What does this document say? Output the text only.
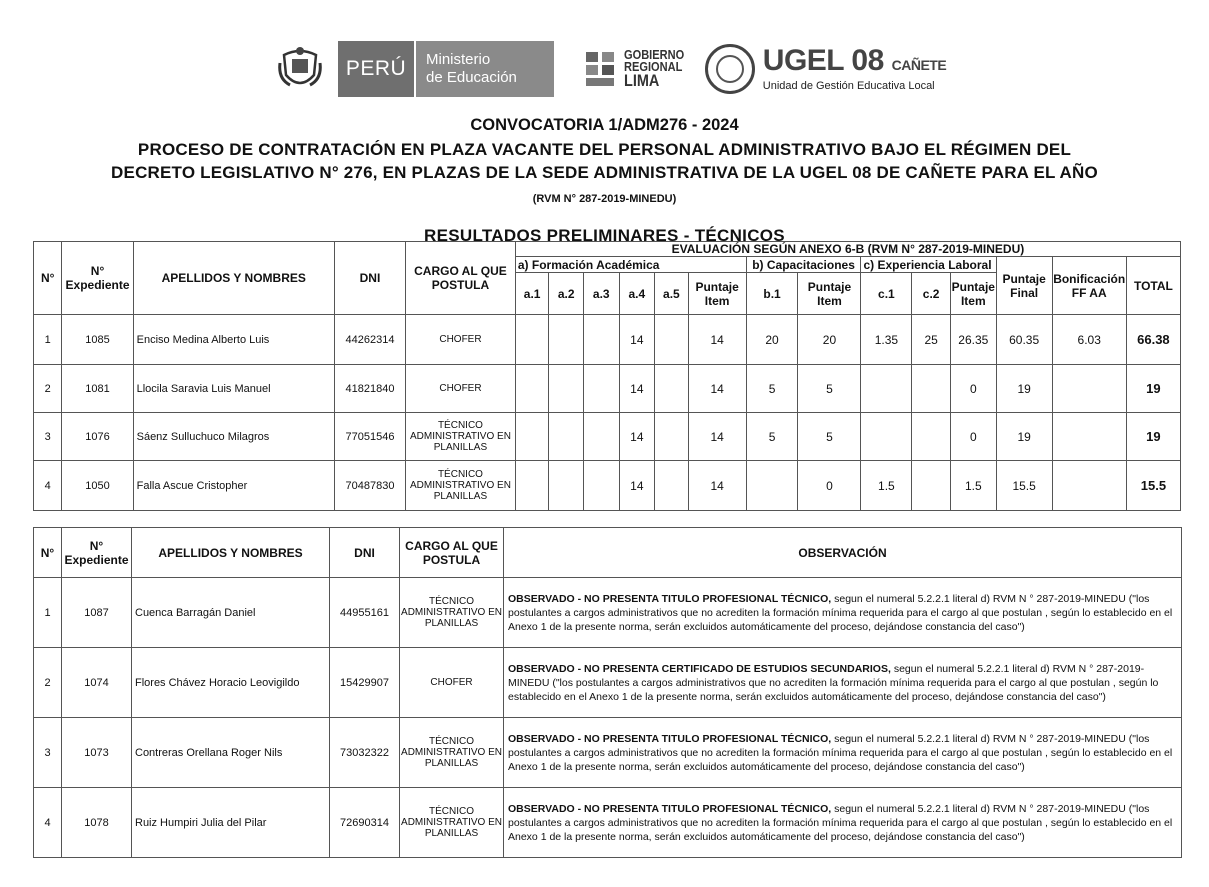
PERÚ	Ministerio
de Educación
GOBIERNO
REGIONAL
LIMA
UGEL 08 CAÑETE
Unidad de Gestión Educativa Local
CONVOCATORIA 1/ADM276 - 2024
PROCESO DE CONTRATACIÓN EN PLAZA VACANTE DEL PERSONAL ADMINISTRATIVO BAJO EL RÉGIMEN DEL
DECRETO LEGISLATIVO N° 276, EN PLAZAS DE LA SEDE ADMINISTRATIVA DE LA UGEL 08 DE CAÑETE PARA EL AÑO
(RVM N° 287-2019-MINEDU)
RESULTADOS PRELIMINARES - TÉCNICOS
N°	N° Expediente	APELLIDOS Y NOMBRES	DNI	CARGO AL QUE POSTULA	EVALUACIÓN SEGÚN ANEXO 6-B (RVM N° 287-2019-MINEDU)													
					a) Formación Académica						b) Capacitaciones		c) Experiencia Laboral			Puntaje Final	Bonificación FF AA	TOTAL
					a.1	a.2	a.3	a.4	a.5	Puntaje Item	b.1	Puntaje Item	c.1	c.2	Puntaje Item			
1	1085	Enciso Medina Alberto Luis	44262314	CHOFER				14		14	20	20	1.35	25	26.35	60.35	6.03	66.38
2	1081	Llocila Saravia Luis Manuel	41821840	CHOFER				14		14	5	5			0	19		19
3	1076	Sáenz Sulluchuco Milagros	77051546	TÉCNICO ADMINISTRATIVO EN PLANILLAS				14		14	5	5			0	19		19
4	1050	Falla Ascue Cristopher	70487830	TÉCNICO ADMINISTRATIVO EN PLANILLAS				14		14		0	1.5		1.5	15.5		15.5
N°	N° Expediente	APELLIDOS Y NOMBRES	DNI	CARGO AL QUE POSTULA	OBSERVACIÓN
1	1087	Cuenca Barragán Daniel	44955161	TÉCNICO ADMINISTRATIVO EN PLANILLAS	OBSERVADO - NO PRESENTA TITULO PROFESIONAL TÉCNICO, segun el numeral 5.2.2.1 literal d) RVM N ° 287-2019-MINEDU ("los postulantes a cargos administrativos que no acrediten la formación mínima requerida para el cargo al que postulan , según lo establecido en el Anexo 1 de la presente norma, serán excluidos automáticamente del proceso, dejándose constancia del caso")
2	1074	Flores Chávez Horacio Leovigildo	15429907	CHOFER	OBSERVADO - NO PRESENTA CERTIFICADO DE ESTUDIOS SECUNDARIOS, segun el numeral 5.2.2.1 literal d) RVM N ° 287-2019-MINEDU ("los postulantes a cargos administrativos que no acrediten la formación mínima requerida para el cargo al que postulan , según lo establecido en el Anexo 1 de la presente norma, serán excluidos automáticamente del proceso, dejándose constancia del caso")
3	1073	Contreras Orellana Roger Nils	73032322	TÉCNICO ADMINISTRATIVO EN PLANILLAS	OBSERVADO - NO PRESENTA TITULO PROFESIONAL TÉCNICO, segun el numeral 5.2.2.1 literal d) RVM N ° 287-2019-MINEDU ("los postulantes a cargos administrativos que no acrediten la formación mínima requerida para el cargo al que postulan , según lo establecido en el Anexo 1 de la presente norma, serán excluidos automáticamente del proceso, dejándose constancia del caso")
4	1078	Ruiz Humpiri Julia del Pilar	72690314	TÉCNICO ADMINISTRATIVO EN PLANILLAS	OBSERVADO - NO PRESENTA TITULO PROFESIONAL TÉCNICO, segun el numeral 5.2.2.1 literal d) RVM N ° 287-2019-MINEDU ("los postulantes a cargos administrativos que no acrediten la formación mínima requerida para el cargo al que postulan , según lo establecido en el Anexo 1 de la presente norma, serán excluidos automáticamente del proceso, dejándose constancia del caso")
